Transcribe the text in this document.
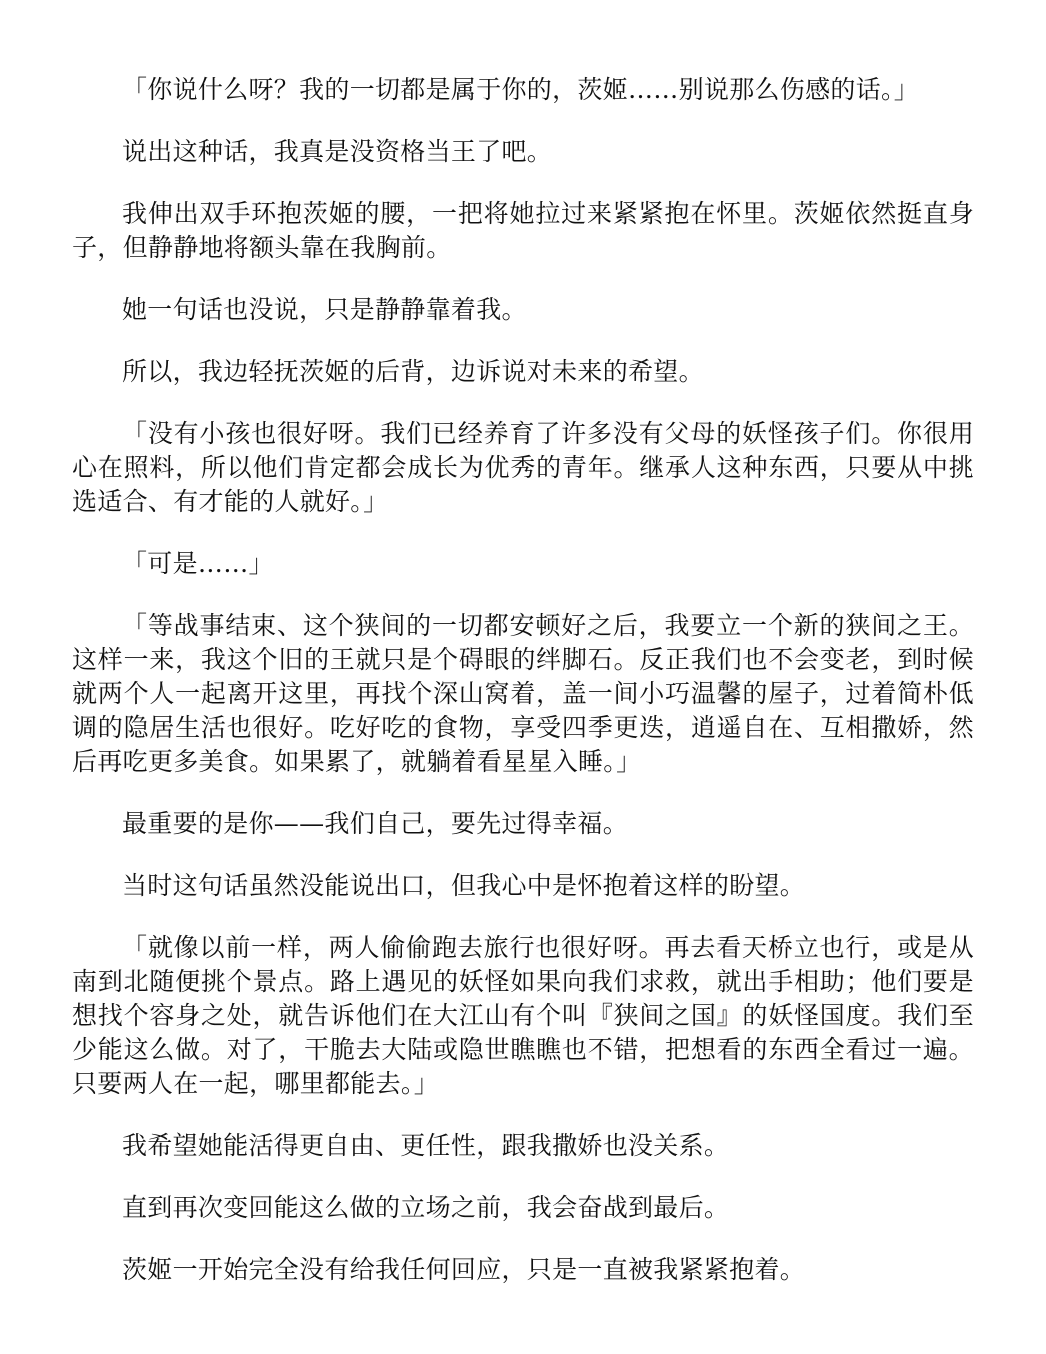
「你说什么呀？我的一切都是属于你的，茨姬……别说那么伤感的话。」

说出这种话，我真是没资格当王了吧。

我伸出双手环抱茨姬的腰，一把将她拉过来紧紧抱在怀里。茨姬依然挺直身子，但静静地将额头靠在我胸前。

她一句话也没说，只是静静靠着我。

所以，我边轻抚茨姬的后背，边诉说对未来的希望。

「没有小孩也很好呀。我们已经养育了许多没有父母的妖怪孩子们。你很用心在照料，所以他们肯定都会成长为优秀的青年。继承人这种东西，只要从中挑选适合、有才能的人就好。」

「可是……」

「等战事结束、这个狭间的一切都安顿好之后，我要立一个新的狭间之王。这样一来，我这个旧的王就只是个碍眼的绊脚石。反正我们也不会变老，到时候就两个人一起离开这里，再找个深山窝着，盖一间小巧温馨的屋子，过着简朴低调的隐居生活也很好。吃好吃的食物，享受四季更迭，逍遥自在、互相撒娇，然后再吃更多美食。如果累了，就躺着看星星入睡。」

最重要的是你——我们自己，要先过得幸福。

当时这句话虽然没能说出口，但我心中是怀抱着这样的盼望。

「就像以前一样，两人偷偷跑去旅行也很好呀。再去看天桥立也行，或是从南到北随便挑个景点。路上遇见的妖怪如果向我们求救，就出手相助；他们要是想找个容身之处，就告诉他们在大江山有个叫『狭间之国』的妖怪国度。我们至少能这么做。对了，干脆去大陆或隐世瞧瞧也不错，把想看的东西全看过一遍。只要两人在一起，哪里都能去。」

我希望她能活得更自由、更任性，跟我撒娇也没关系。

直到再次变回能这么做的立场之前，我会奋战到最后。

茨姬一开始完全没有给我任何回应，只是一直被我紧紧抱着。
